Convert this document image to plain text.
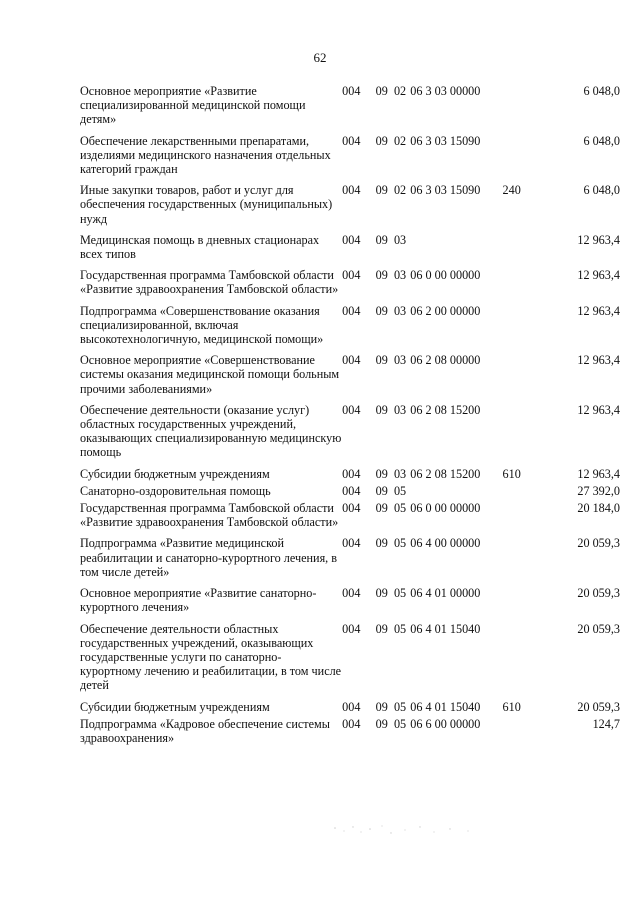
62
Основное мероприятие «Развитие специализированной медицинской помощи детям»	004	09 02	06 3 03 00000		6 048,0
Обеспечение лекарственными препаратами, изделиями медицинского назначения отдельных категорий граждан	004	09 02	06 3 03 15090		6 048,0
Иные закупки товаров, работ и услуг для обеспечения государственных (муниципальных) нужд	004	09 02	06 3 03 15090	240	6 048,0
Медицинская помощь в дневных стационарах всех типов	004	09 03			12 963,4
Государственная программа Тамбовской области «Развитие здравоохранения Тамбовской области»	004	09 03	06 0 00 00000		12 963,4
Подпрограмма «Совершенствование оказания специализированной, включая высокотехнологичную, медицинской помощи»	004	09 03	06 2 00 00000		12 963,4
Основное мероприятие «Совершенствование системы оказания медицинской помощи больным прочими заболеваниями»	004	09 03	06 2 08 00000		12 963,4
Обеспечение деятельности (оказание услуг) областных государственных учреждений, оказывающих специализированную медицинскую помощь	004	09 03	06 2 08 15200		12 963,4
Субсидии бюджетным учреждениям	004	09 03	06 2 08 15200	610	12 963,4
Санаторно-оздоровительная помощь	004	09 05			27 392,0
Государственная программа Тамбовской области «Развитие здравоохранения Тамбовской области»	004	09 05	06 0 00 00000		20 184,0
Подпрограмма «Развитие медицинской реабилитации и санаторно-курортного лечения, в том числе детей»	004	09 05	06 4 00 00000		20 059,3
Основное мероприятие «Развитие санаторно-курортного лечения»	004	09 05	06 4 01 00000		20 059,3
Обеспечение деятельности областных государственных учреждений, оказывающих государственные услуги по санаторно-курортному лечению и реабилитации, в том числе детей	004	09 05	06 4 01 15040		20 059,3
Субсидии бюджетным учреждениям	004	09 05	06 4 01 15040	610	20 059,3
Подпрограмма «Кадровое обеспечение системы здравоохранения»	004	09 05	06 6 00 00000		124,7
